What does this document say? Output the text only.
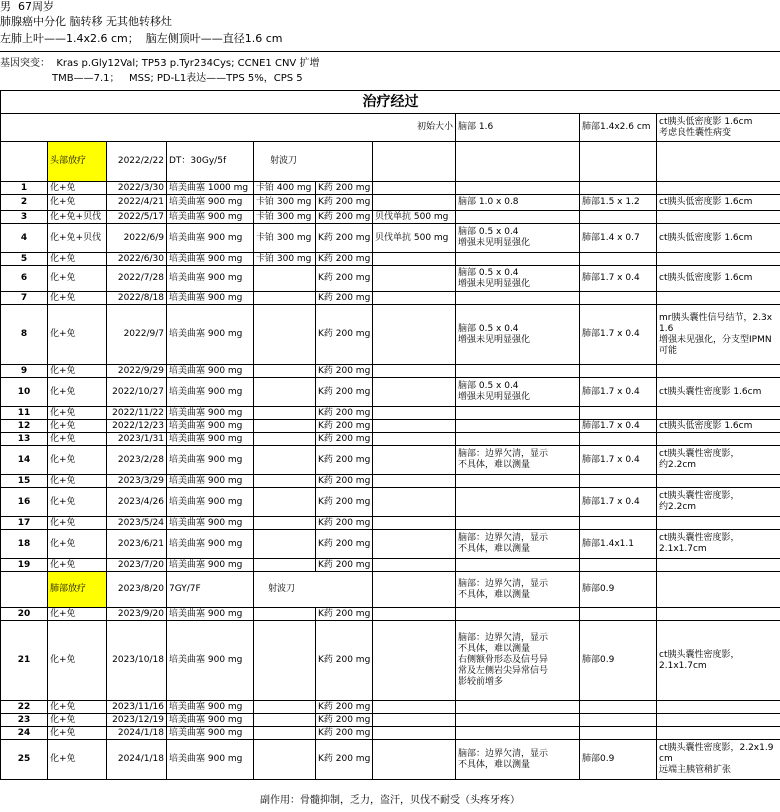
男  67周岁
肺腺癌中分化 脑转移 无其他转移灶
左肺上叶——1.4x2.6 cm；  脑左侧顶叶——直径1.6 cm
基因突变：  Kras p.Gly12Val; TP53 p.Tyr234Cys; CCNE1 CNV 扩增
TMB——7.1；   MSS; PD-L1表达——TPS 5%，CPS 5
治疗经过									
初始大小							脑部 1.6	肺部1.4x2.6 cm	ct胰头低密度影 1.6cm
考虑良性囊性病变
	头部放疗	2022/2/22	DT：30Gy/5f	射波刀					
1	化+免	2022/3/30	培美曲塞 1000 mg	卡铂 400 mg	K药 200 mg				
2	化+免	2022/4/21	培美曲塞 900 mg	卡铂 300 mg	K药 200 mg		脑部 1.0 x 0.8	肺部1.5 x 1.2	ct胰头低密度影 1.6cm
3	化+免+贝伐	2022/5/17	培美曲塞 900 mg	卡铂 300 mg	K药 200 mg	贝伐单抗 500 mg			
4	化+免+贝伐	2022/6/9	培美曲塞 900 mg	卡铂 300 mg	K药 200 mg	贝伐单抗 500 mg	脑部 0.5 x 0.4
增强未见明显强化	肺部1.4 x 0.7	ct胰头低密度影 1.6cm
5	化+免	2022/6/30	培美曲塞 900 mg	卡铂 300 mg	K药 200 mg				
6	化+免	2022/7/28	培美曲塞 900 mg		K药 200 mg		脑部 0.5 x 0.4
增强未见明显强化	肺部1.7 x 0.4	ct胰头低密度影 1.6cm
7	化+免	2022/8/18	培美曲塞 900 mg		K药 200 mg				
8	化+免	2022/9/7	培美曲塞 900 mg		K药 200 mg		脑部 0.5 x 0.4
增强未见明显强化	肺部1.7 x 0.4	mr胰头囊性信号结节，2.3x1.6
增强未见强化，分支型IPMN可能
9	化+免	2022/9/29	培美曲塞 900 mg		K药 200 mg				
10	化+免	2022/10/27	培美曲塞 900 mg		K药 200 mg		脑部 0.5 x 0.4
增强未见明显强化	肺部1.7 x 0.4	ct胰头囊性密度影 1.6cm
11	化+免	2022/11/22	培美曲塞 900 mg		K药 200 mg				
12	化+免	2022/12/23	培美曲塞 900 mg		K药 200 mg			肺部1.7 x 0.4	ct胰头低密度影 1.6cm
13	化+免	2023/1/31	培美曲塞 900 mg		K药 200 mg				
14	化+免	2023/2/28	培美曲塞 900 mg		K药 200 mg		脑部：边界欠清，显示
不具体，难以测量	肺部1.7 x 0.4	ct胰头囊性密度影，
约2.2cm
15	化+免	2023/3/29	培美曲塞 900 mg		K药 200 mg				
16	化+免	2023/4/26	培美曲塞 900 mg		K药 200 mg			肺部1.7 x 0.4	ct胰头囊性密度影，
约2.2cm
17	化+免	2023/5/24	培美曲塞 900 mg		K药 200 mg				
18	化+免	2023/6/21	培美曲塞 900 mg		K药 200 mg		脑部：边界欠清，显示
不具体，难以测量	肺部1.4x1.1	ct胰头囊性密度影，
2.1x1.7cm
19	化+免	2023/7/20	培美曲塞 900 mg		K药 200 mg				
	肺部放疗	2023/8/20	7GY/7F	射波刀			脑部：边界欠清，显示
不具体，难以测量	肺部0.9	
20	化+免	2023/9/20	培美曲塞 900 mg		K药 200 mg				
21	化+免	2023/10/18	培美曲塞 900 mg		K药 200 mg		脑部：边界欠清，显示
不具体，难以测量
右侧额骨形态及信号异
常及左侧岩尖异常信号
影较前增多	肺部0.9	ct胰头囊性密度影，
2.1x1.7cm
22	化+免	2023/11/16	培美曲塞 900 mg		K药 200 mg				
23	化+免	2023/12/19	培美曲塞 900 mg		K药 200 mg				
24	化+免	2024/1/18	培美曲塞 900 mg		K药 200 mg				
25	化+免	2024/1/18	培美曲塞 900 mg		K药 200 mg		脑部：边界欠清，显示
不具体，难以测量	肺部0.9	ct胰头囊性密度影，2.2x1.9cm
远端主胰管稍扩张
副作用：骨髓抑制，乏力，盗汗，贝伐不耐受（头疼牙疼）
